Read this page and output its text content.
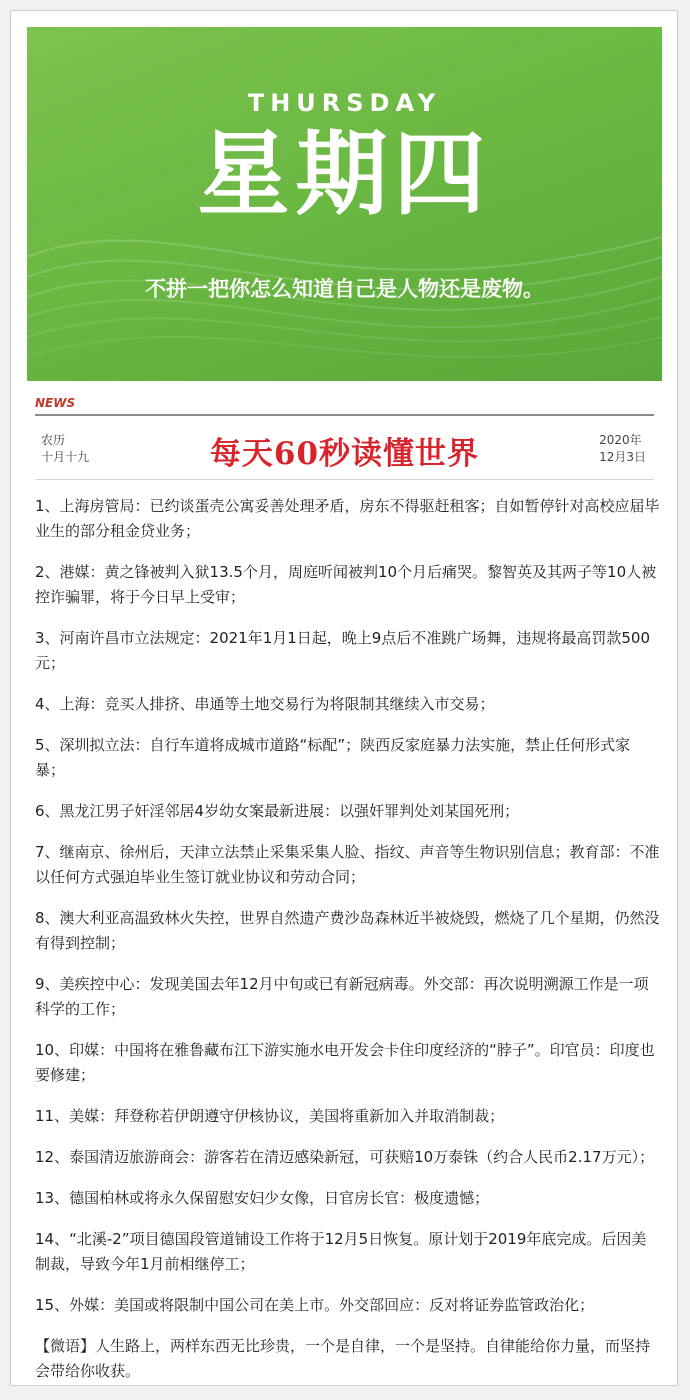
THURSDAY
星期四
不拼一把你怎么知道自己是人物还是废物。
NEWS
农历
十月十九	每天60秒读懂世界	2020年
12月3日
1、上海房管局：已约谈蛋壳公寓妥善处理矛盾，房东不得驱赶租客；自如暂停针对高校应届毕业生的部分租金贷业务；
2、港媒：黄之锋被判入狱13.5个月，周庭听闻被判10个月后痛哭。黎智英及其两子等10人被控诈骗罪，将于今日早上受审；
3、河南许昌市立法规定：2021年1月1日起，晚上9点后不准跳广场舞，违规将最高罚款500元；
4、上海：竞买人排挤、串通等土地交易行为将限制其继续入市交易；
5、深圳拟立法：自行车道将成城市道路“标配”；陕西反家庭暴力法实施，禁止任何形式家暴；
6、黑龙江男子奸淫邻居4岁幼女案最新进展：以强奸罪判处刘某国死刑；
7、继南京、徐州后，天津立法禁止采集采集人脸、指纹、声音等生物识别信息；教育部：不准以任何方式强迫毕业生签订就业协议和劳动合同；
8、澳大利亚高温致林火失控，世界自然遗产费沙岛森林近半被烧毁，燃烧了几个星期，仍然没有得到控制；
9、美疾控中心：发现美国去年12月中旬或已有新冠病毒。外交部：再次说明溯源工作是一项科学的工作；
10、印媒：中国将在雅鲁藏布江下游实施水电开发会卡住印度经济的“脖子”。印官员：印度也要修建；
11、美媒：拜登称若伊朗遵守伊核协议，美国将重新加入并取消制裁；
12、泰国清迈旅游商会：游客若在清迈感染新冠，可获赔10万泰铢（约合人民币2.17万元）；
13、德国柏林或将永久保留慰安妇少女像，日官房长官：极度遗憾；
14、“北溪-2”项目德国段管道铺设工作将于12月5日恢复。原计划于2019年底完成。后因美制裁，导致今年1月前相继停工；
15、外媒：美国或将限制中国公司在美上市。外交部回应：反对将证券监管政治化；
【微语】人生路上，两样东西无比珍贵，一个是自律，一个是坚持。自律能给你力量，而坚持会带给你收获。
